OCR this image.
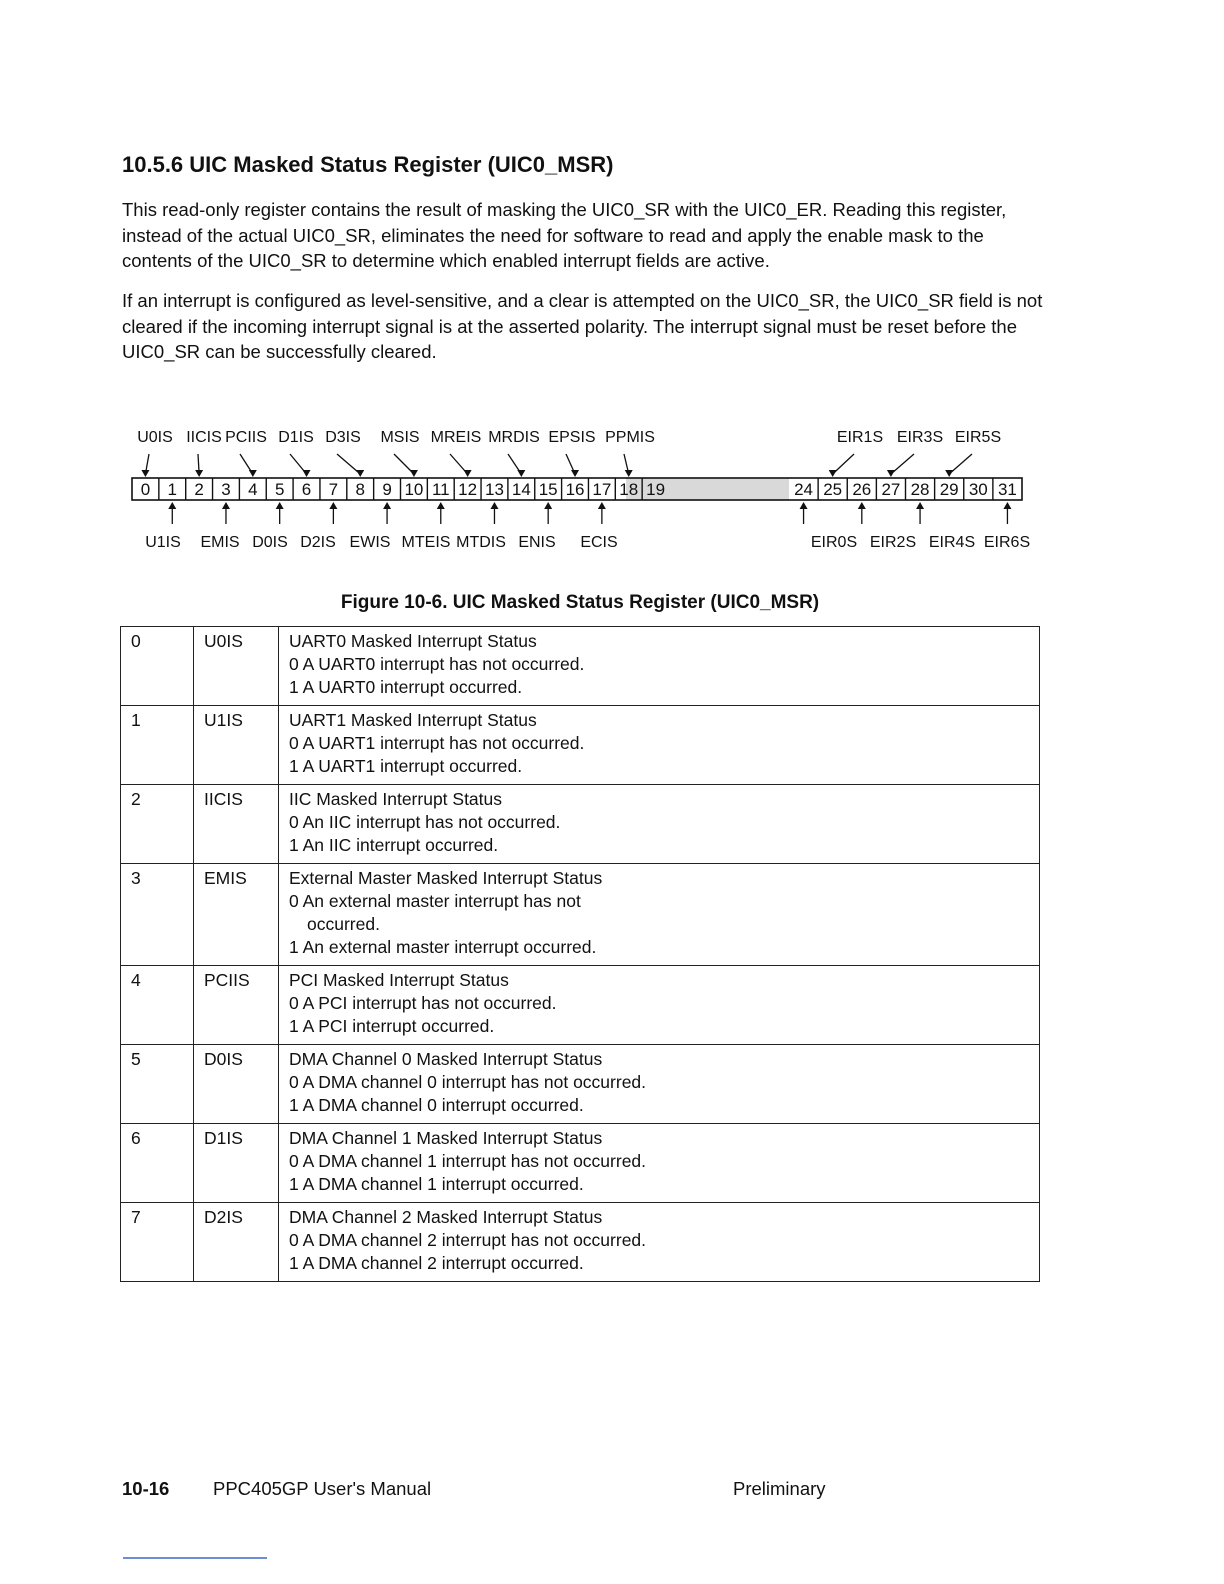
10.5.6 UIC Masked Status Register (UIC0_MSR)
This read-only register contains the result of masking the UIC0_SR with the UIC0_ER. Reading this register, instead of the actual UIC0_SR, eliminates the need for software to read and apply the enable mask to the contents of the UIC0_SR to determine which enabled interrupt fields are active.
If an interrupt is configured as level-sensitive, and a clear is attempted on the UIC0_SR, the UIC0_SR field is not cleared if the incoming interrupt signal is at the asserted polarity. The interrupt signal must be reset before the UIC0_SR can be successfully cleared.
0 1 2 3 4 5 6 7 8 9 10 11 12 13 14 15 16 17 18 19	24 25 26 27 28 29 30 31
U0IS IICIS PCIIS D1IS D3IS MSIS MREIS MRDIS EPSIS PPMIS	EIR1S EIR3S EIR5S
U1IS EMIS D0IS D2IS EWIS MTEIS MTDIS ENIS ECIS	EIR0S EIR2S EIR4S EIR6S
Figure 10-6. UIC Masked Status Register (UIC0_MSR)
0	U0IS	UART0 Masked Interrupt Status
0 A UART0 interrupt has not occurred.
1 A UART0 interrupt occurred.

1	U1IS	UART1 Masked Interrupt Status
0 A UART1 interrupt has not occurred.
1 A UART1 interrupt occurred.

2	IICIS	IIC Masked Interrupt Status
0 An IIC interrupt has not occurred.
1 An IIC interrupt occurred.

3	EMIS	External Master Masked Interrupt Status
0 An external master interrupt has not occurred.
1 An external master interrupt occurred.

4	PCIIS	PCI Masked Interrupt Status
0 A PCI interrupt has not occurred.
1 A PCI interrupt occurred.

5	D0IS	DMA Channel 0 Masked Interrupt Status
0 A DMA channel 0 interrupt has not occurred.
1 A DMA channel 0 interrupt occurred.

6	D1IS	DMA Channel 1 Masked Interrupt Status
0 A DMA channel 1 interrupt has not occurred.
1 A DMA channel 1 interrupt occurred.

7	D2IS	DMA Channel 2 Masked Interrupt Status
0 A DMA channel 2 interrupt has not occurred.
1 A DMA channel 2 interrupt occurred.
10-16 PPC405GP User's Manual	Preliminary
